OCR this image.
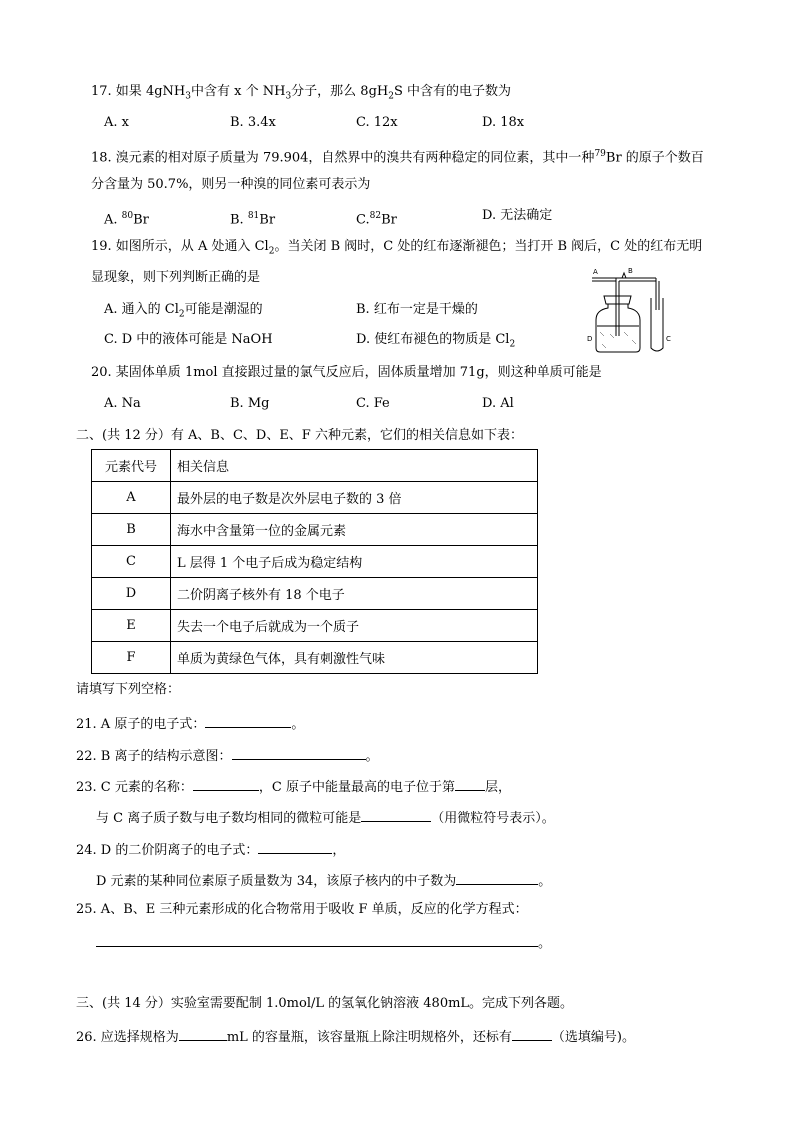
17. 如果 4gNH$_3$中含有 x 个 $NH_3$分子，那么 $8gH_2S$ 中含有的电子数为
A. x	B. 3.4x	C. 12x	D. 18x
18. 溴元素的相对原子质量为 79.904，自然界中的溴共有两种稳定的同位素，其中一种$^{79}$Br 的原子个数百
分含量为 50.7%，则另一种溴的同位素可表示为
A. $^{80}$Br	B. $^{81}$Br	C.$^{82}$Br	D. 无法确定
19. 如图所示，从 A 处通入 $Cl_2$。当关闭 B 阀时，C 处的红布逐渐褪色；当打开 B 阀后，C 处的红布无明
显现象，则下列判断正确的是
A. 通入的 $Cl_2$可能是潮湿的	B. 红布一定是干燥的
C. D 中的液体可能是 NaOH	D. 使红布褪色的物质是 $Cl_2$
A	B
C
D
20. 某固体单质 1mol 直接跟过量的氯气反应后，固体质量增加 71g，则这种单质可能是
A. Na	B. Mg	C. Fe	D. Al
二、(共 12 分）有 A、B、C、D、E、F 六种元素，它们的相关信息如下表：
元素代号	相关信息
A	最外层的电子数是次外层电子数的 3 倍
B	海水中含量第一位的金属元素
C	L 层得 1 个电子后成为稳定结构
D	二价阴离子核外有 18 个电子
E	失去一个电子后就成为一个质子
F	单质为黄绿色气体，具有刺激性气味
请填写下列空格：
21. A 原子的电子式：	。
22. B 离子的结构示意图：	。
23. C 元素的名称：	，C 原子中能量最高的电子位于第 层，
与 C 离子质子数与电子数均相同的微粒可能是	（用微粒符号表示）。
24. D 的二价阴离子的电子式：	，
D 元素的某种同位素原子质量数为 34，该原子核内的中子数为	。
25. A、B、E 三种元素形成的化合物常用于吸收 F 单质，反应的化学方程式：
。
三、(共 14 分）实验室需要配制 1.0mol/L 的氢氧化钠溶液 480mL。完成下列各题。
26. 应选择规格为	mL 的容量瓶，该容量瓶上除注明规格外，还标有	（选填编号)。
